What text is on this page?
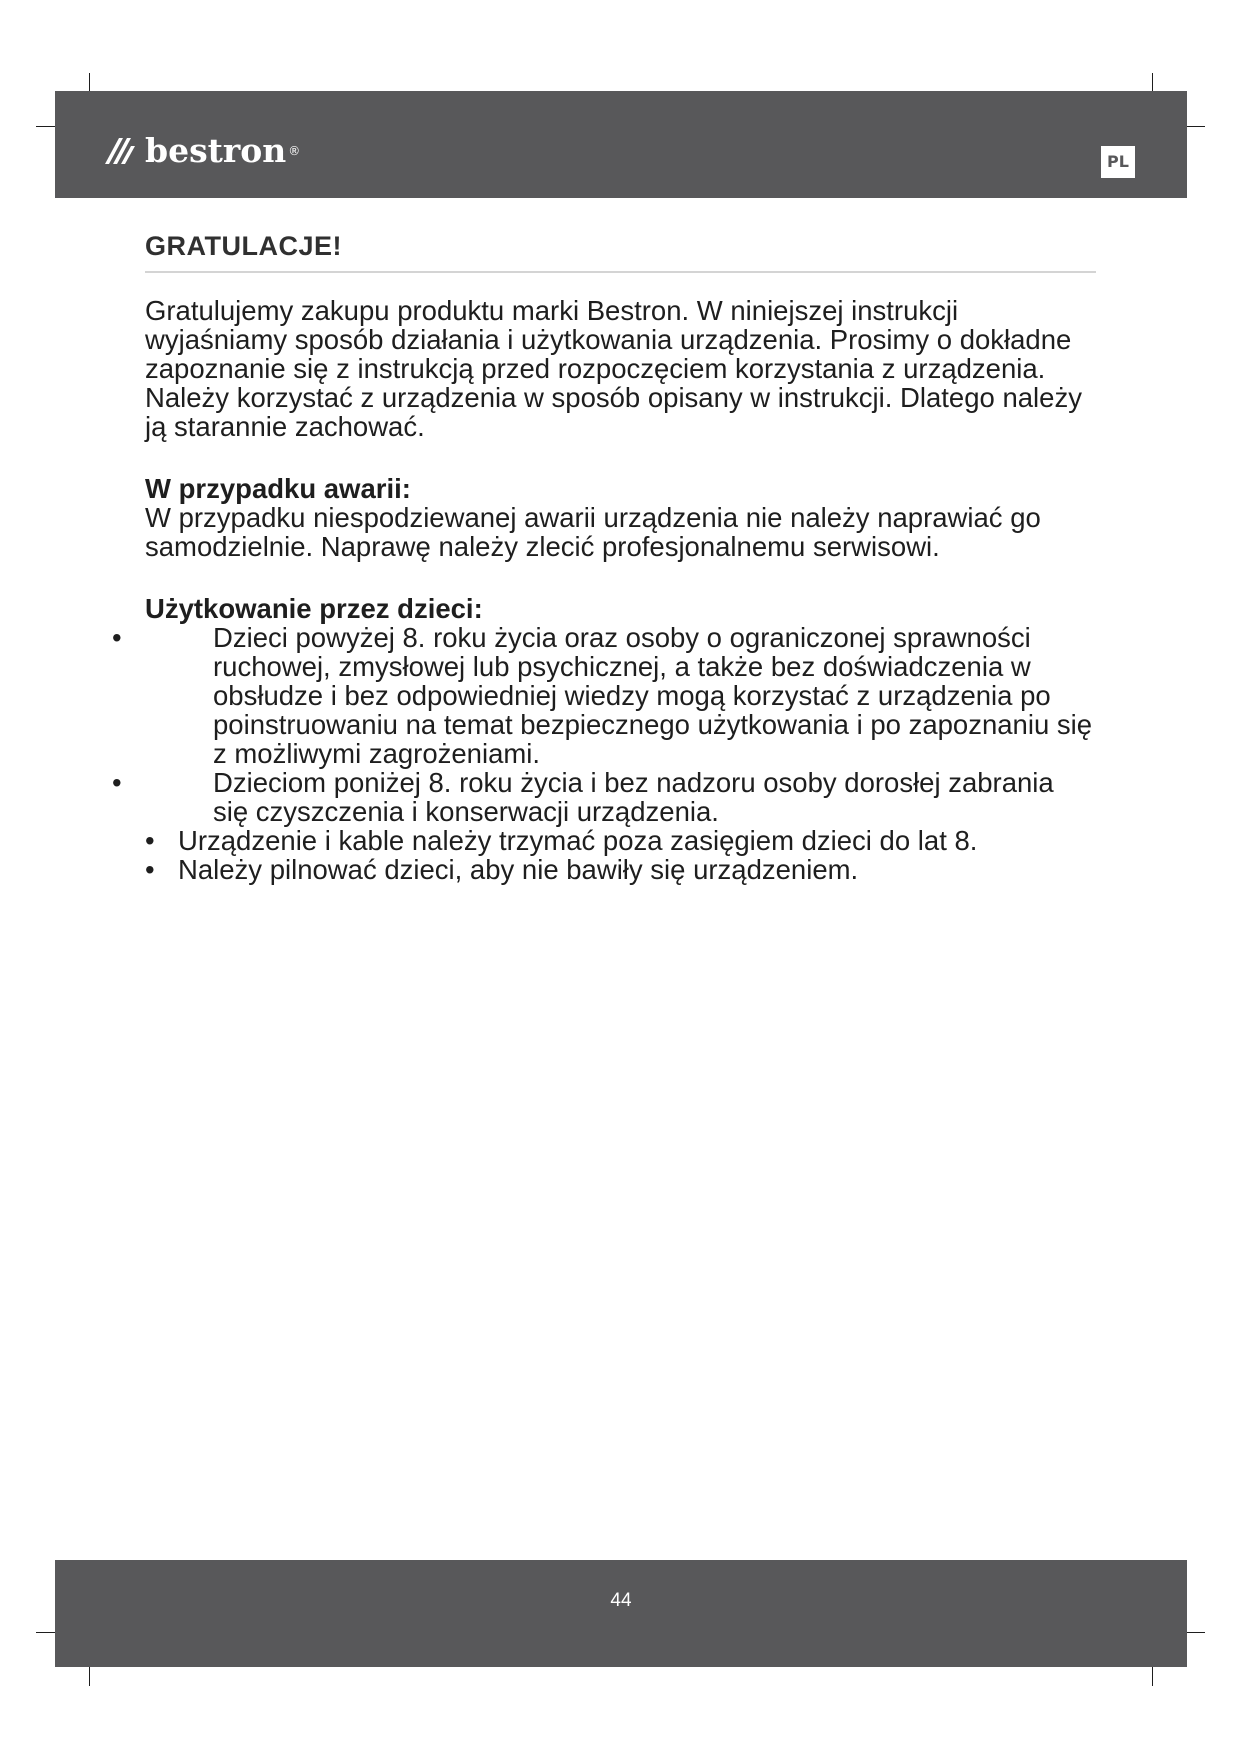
bestron ®
PL
GRATULACJE!

Gratulujemy zakupu produktu marki Bestron. W niniejszej instrukcji wyjaśniamy sposób działania i użytkowania urządzenia. Prosimy o dokładne zapoznanie się z instrukcją przed rozpoczęciem korzystania z urządzenia. Należy korzystać z urządzenia w sposób opisany w instrukcji. Dlatego należy ją starannie zachować.

W przypadku awarii:

W przypadku niespodziewanej awarii urządzenia nie należy naprawiać go samodzielnie. Naprawę należy zlecić profesjonalnemu serwisowi.

Użytkowanie przez dzieci:
•	Dzieci powyżej 8. roku życia oraz osoby o ograniczonej sprawności ruchowej, zmysłowej lub psychicznej, a także bez doświadczenia w obsłudze i bez odpowiedniej wiedzy mogą korzystać z urządzenia po poinstruowaniu na temat bezpiecznego użytkowania i po zapoznaniu się z możliwymi zagrożeniami.
•	Dzieciom poniżej 8. roku życia i bez nadzoru osoby dorosłej zabrania się czyszczenia i konserwacji urządzenia.
• Urządzenie i kable należy trzymać poza zasięgiem dzieci do lat 8.
• Należy pilnować dzieci, aby nie bawiły się urządzeniem.
44
